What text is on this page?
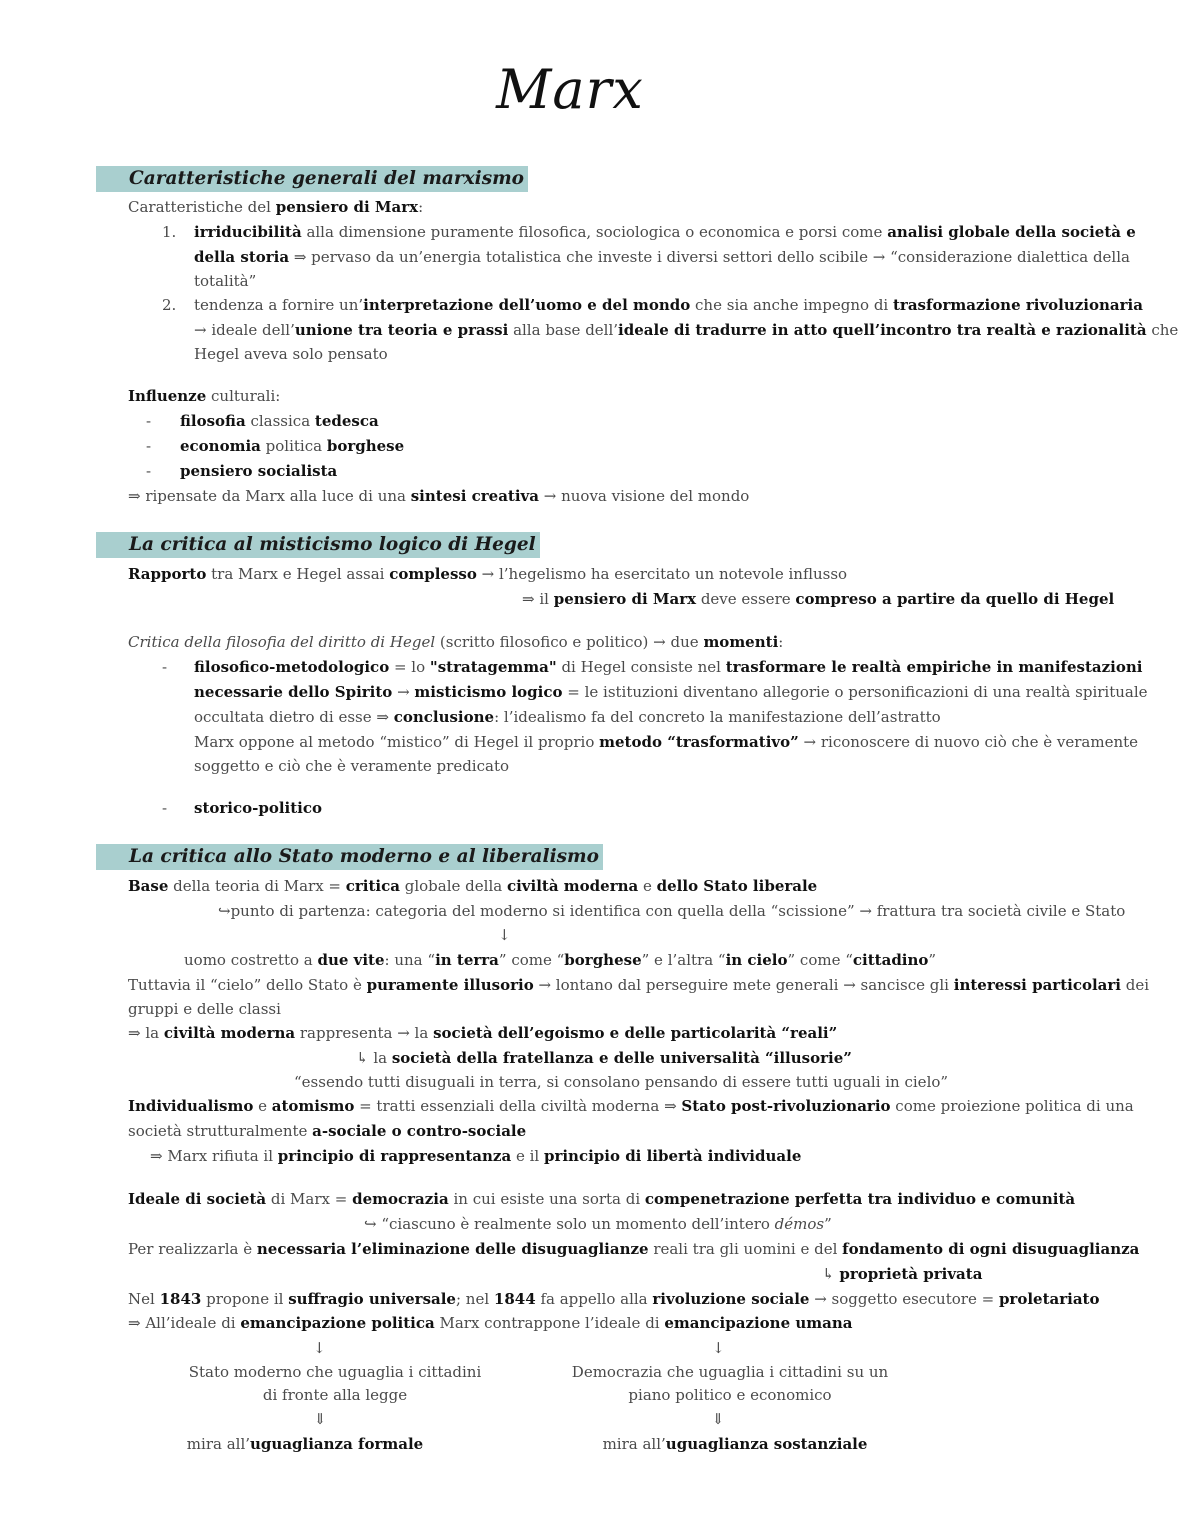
Marx
Caratteristiche generali del marxismo
Caratteristiche del pensiero di Marx:
1. irriducibilità alla dimensione puramente filosofica, sociologica o economica e porsi come analisi globale della società e
della storia ⇒ pervaso da un’energia totalistica che investe i diversi settori dello scibile → “considerazione dialettica della
totalità”
2. tendenza a fornire un’interpretazione dell’uomo e del mondo che sia anche impegno di trasformazione rivoluzionaria
→ ideale dell’unione tra teoria e prassi alla base dell’ideale di tradurre in atto quell’incontro tra realtà e razionalità che
Hegel aveva solo pensato
Influenze culturali:
- filosofia classica tedesca
- economia politica borghese
- pensiero socialista
⇒ ripensate da Marx alla luce di una sintesi creativa → nuova visione del mondo
La critica al misticismo logico di Hegel
Rapporto tra Marx e Hegel assai complesso → l’hegelismo ha esercitato un notevole influsso
⇒ il pensiero di Marx deve essere compreso a partire da quello di Hegel
Critica della filosofia del diritto di Hegel (scritto filosofico e politico) → due momenti:
- filosofico-metodologico = lo "stratagemma" di Hegel consiste nel trasformare le realtà empiriche in manifestazioni
necessarie dello Spirito → misticismo logico = le istituzioni diventano allegorie o personificazioni di una realtà spirituale
occultata dietro di esse ⇒ conclusione: l’idealismo fa del concreto la manifestazione dell’astratto
Marx oppone al metodo “mistico” di Hegel il proprio metodo “trasformativo” → riconoscere di nuovo ciò che è veramente
soggetto e ciò che è veramente predicato
- storico-politico
La critica allo Stato moderno e al liberalismo
Base della teoria di Marx = critica globale della civiltà moderna e dello Stato liberale
↪punto di partenza: categoria del moderno si identifica con quella della “scissione” → frattura tra società civile e Stato
↓
uomo costretto a due vite: una “in terra” come “borghese” e l’altra “in cielo” come “cittadino”
Tuttavia il “cielo” dello Stato è puramente illusorio → lontano dal perseguire mete generali → sancisce gli interessi particolari dei
gruppi e delle classi
⇒ la civiltà moderna rappresenta → la società dell’egoismo e delle particolarità “reali”
↳ la società della fratellanza e delle universalità “illusorie”
“essendo tutti disuguali in terra, si consolano pensando di essere tutti uguali in cielo”
Individualismo e atomismo = tratti essenziali della civiltà moderna ⇒ Stato post-rivoluzionario come proiezione politica di una
società strutturalmente a-sociale o contro-sociale
⇒ Marx rifiuta il principio di rappresentanza e il principio di libertà individuale
Ideale di società di Marx = democrazia in cui esiste una sorta di compenetrazione perfetta tra individuo e comunità
↪ “ciascuno è realmente solo un momento dell’intero démos”
Per realizzarla è necessaria l’eliminazione delle disuguaglianze reali tra gli uomini e del fondamento di ogni disuguaglianza
↳ proprietà privata
Nel 1843 propone il suffragio universale; nel 1844 fa appello alla rivoluzione sociale → soggetto esecutore = proletariato
⇒ All’ideale di emancipazione politica Marx contrappone l’ideale di emancipazione umana
↓	↓
Stato moderno che uguaglia i cittadini
di fronte alla legge
⇓
mira all’uguaglianza formale
Democrazia che uguaglia i cittadini su un
piano politico e economico
⇓
mira all’uguaglianza sostanziale
